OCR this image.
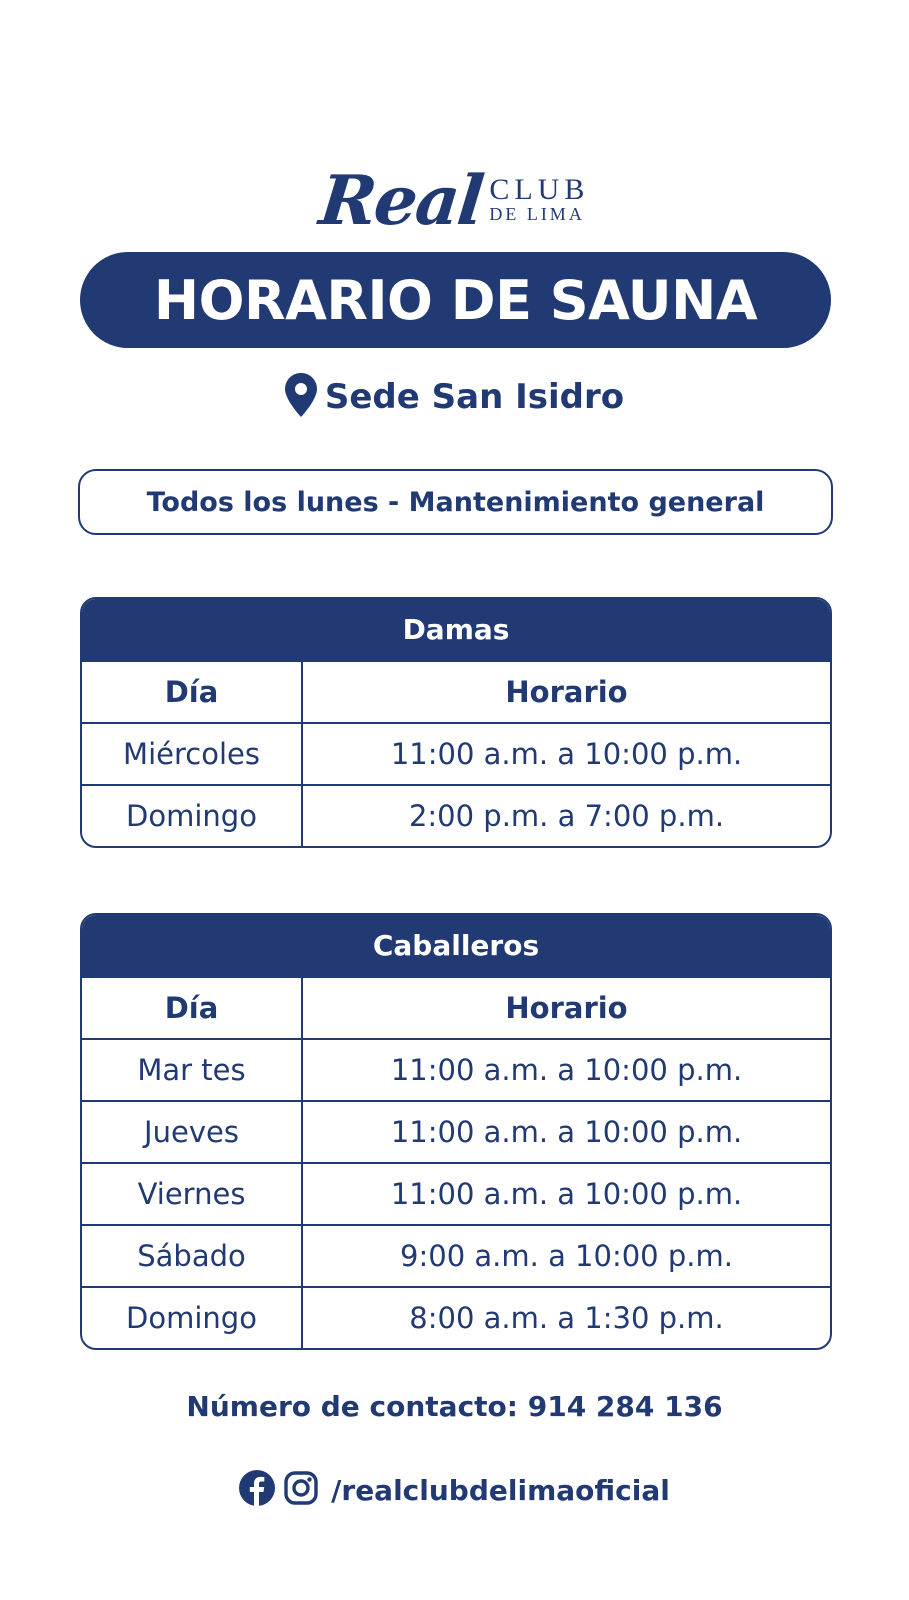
Real CLUB
DE LIMA
HORARIO DE SAUNA
Sede San Isidro
Todos los lunes - Mantenimiento general
Damas
Día	Horario
Miércoles	11:00 a.m. a 10:00 p.m.
Domingo	2:00 p.m. a 7:00 p.m.
Caballeros
Día	Horario
Mar tes	11:00 a.m. a 10:00 p.m.
Jueves	11:00 a.m. a 10:00 p.m.
Viernes	11:00 a.m. a 10:00 p.m.
Sábado	9:00 a.m. a 10:00 p.m.
Domingo	8:00 a.m. a 1:30 p.m.
Número de contacto: 914 284 136
/realclubdelimaoficial
